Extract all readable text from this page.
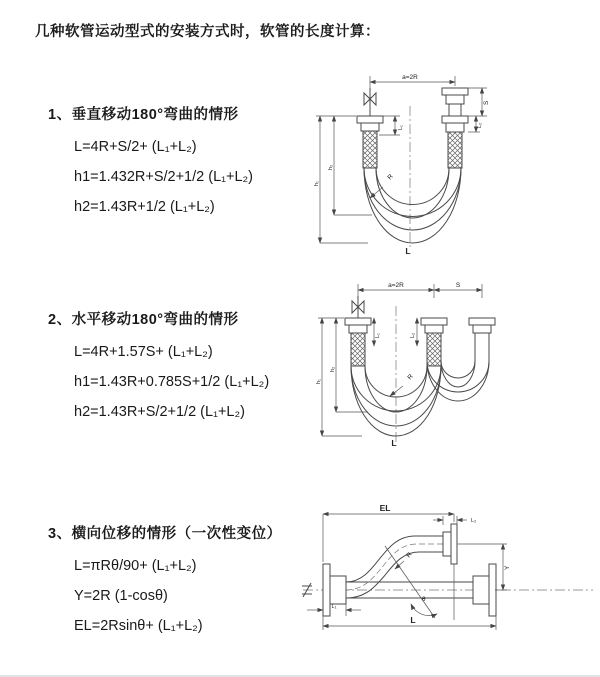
几种软管运动型式的安装方式时，软管的长度计算：
1、垂直移动180°弯曲的情形
L=4R+S/2+ (L₁+L₂)
h1=1.432R+S/2+1/2 (L₁+L₂)
h2=1.43R+1/2 (L₁+L₂)
a=2R
L₁
S
L₂
h₁
h₂
R
L
2、水平移动180°弯曲的情形
L=4R+1.57S+ (L₁+L₂)
h1=1.43R+0.785S+1/2 (L₁+L₂)
h2=1.43R+S/2+1/2 (L₁+L₂)
a=2R	S
L₁	L₂
h₁
h₂
R
L
3、横向位移的情形（一次性变位）
L=πRθ/90+ (L₁+L₂)
Y=2R (1-cosθ)
EL=2Rsinθ+ (L₁+L₂)
EL
L₂
Y
θ
R
L
L₁
